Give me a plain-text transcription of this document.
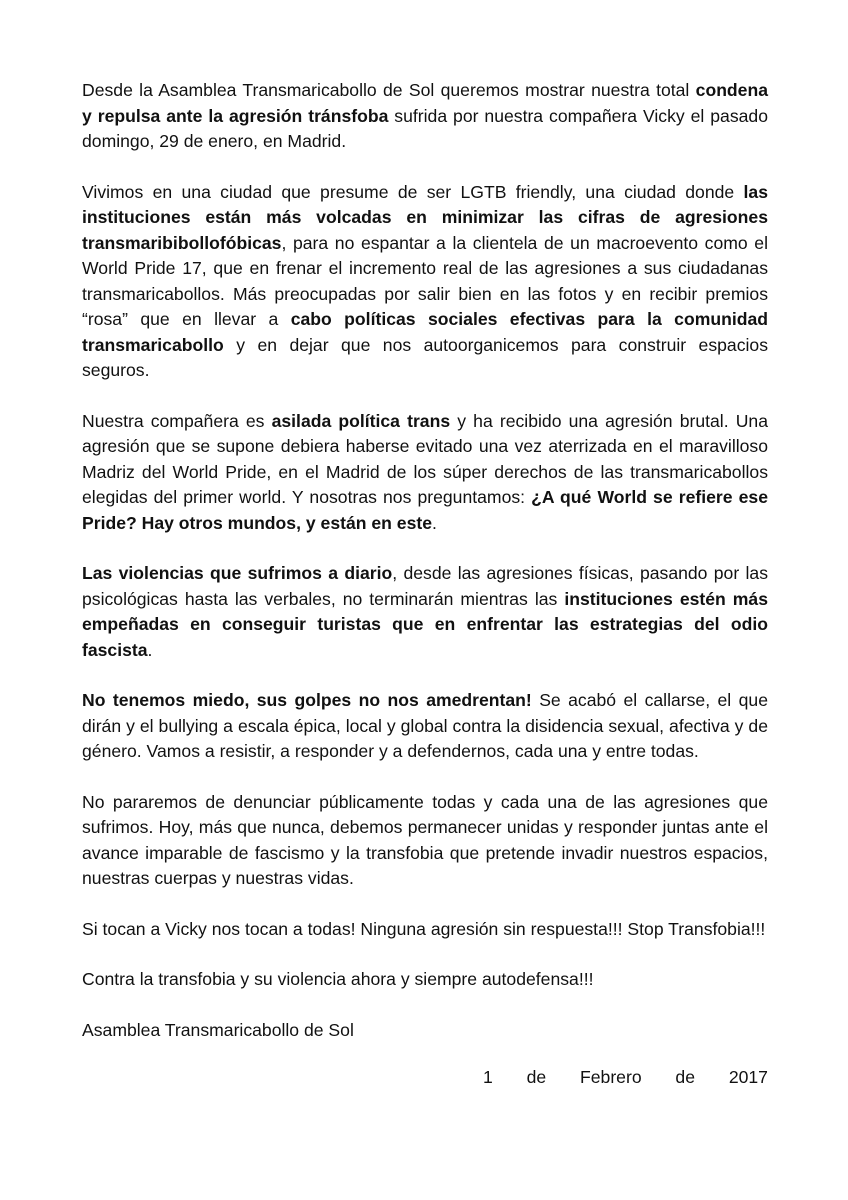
Desde la Asamblea Transmaricabollo de Sol queremos mostrar nuestra total condena y repulsa ante la agresión tránsfoba sufrida por nuestra compañera Vicky el pasado domingo, 29 de enero, en Madrid.

Vivimos en una ciudad que presume de ser LGTB friendly, una ciudad donde las instituciones están más volcadas en minimizar las cifras de agresiones transmaribibollofóbicas, para no espantar a la clientela de un macroevento como el World Pride 17, que en frenar el incremento real de las agresiones a sus ciudadanas transmaricabollos. Más preocupadas por salir bien en las fotos y en recibir premios “rosa” que en llevar a cabo políticas sociales efectivas para la comunidad transmaricabollo y en dejar que nos autoorganicemos para construir espacios seguros.

Nuestra compañera es asilada política trans y ha recibido una agresión brutal. Una agresión que se supone debiera haberse evitado una vez aterrizada en el maravilloso Madriz del World Pride, en el Madrid de los súper derechos de las transmaricabollos elegidas del primer world. Y nosotras nos preguntamos: ¿A qué World se refiere ese Pride? Hay otros mundos, y están en este.

Las violencias que sufrimos a diario, desde las agresiones físicas, pasando por las psicológicas hasta las verbales, no terminarán mientras las instituciones estén más empeñadas en conseguir turistas que en enfrentar las estrategias del odio fascista.

No tenemos miedo, sus golpes no nos amedrentan! Se acabó el callarse, el que dirán y el bullying a escala épica, local y global contra la disidencia sexual, afectiva y de género. Vamos a resistir, a responder y a defendernos, cada una y entre todas.

No pararemos de denunciar públicamente todas y cada una de las agresiones que sufrimos. Hoy, más que nunca, debemos permanecer unidas y responder juntas ante el avance imparable de fascismo y la transfobia que pretende invadir nuestros espacios, nuestras cuerpas y nuestras vidas.

Si tocan a Vicky nos tocan a todas! Ninguna agresión sin respuesta!!! Stop Transfobia!!!

Contra la transfobia y su violencia ahora y siempre autodefensa!!!

Asamblea Transmaricabollo de Sol

1 de Febrero de 2017
